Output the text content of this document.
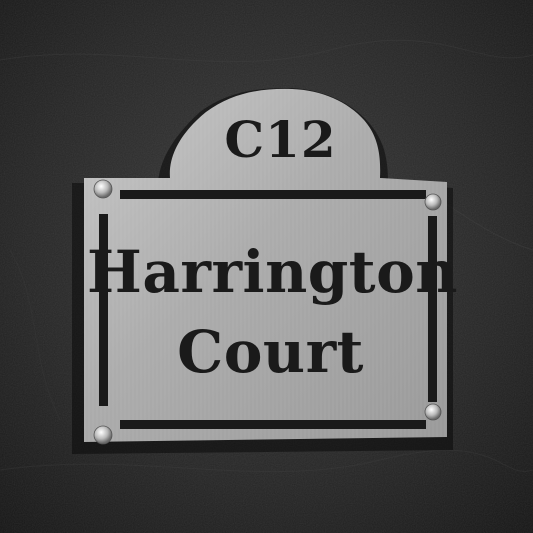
C12
Harrington
Court
